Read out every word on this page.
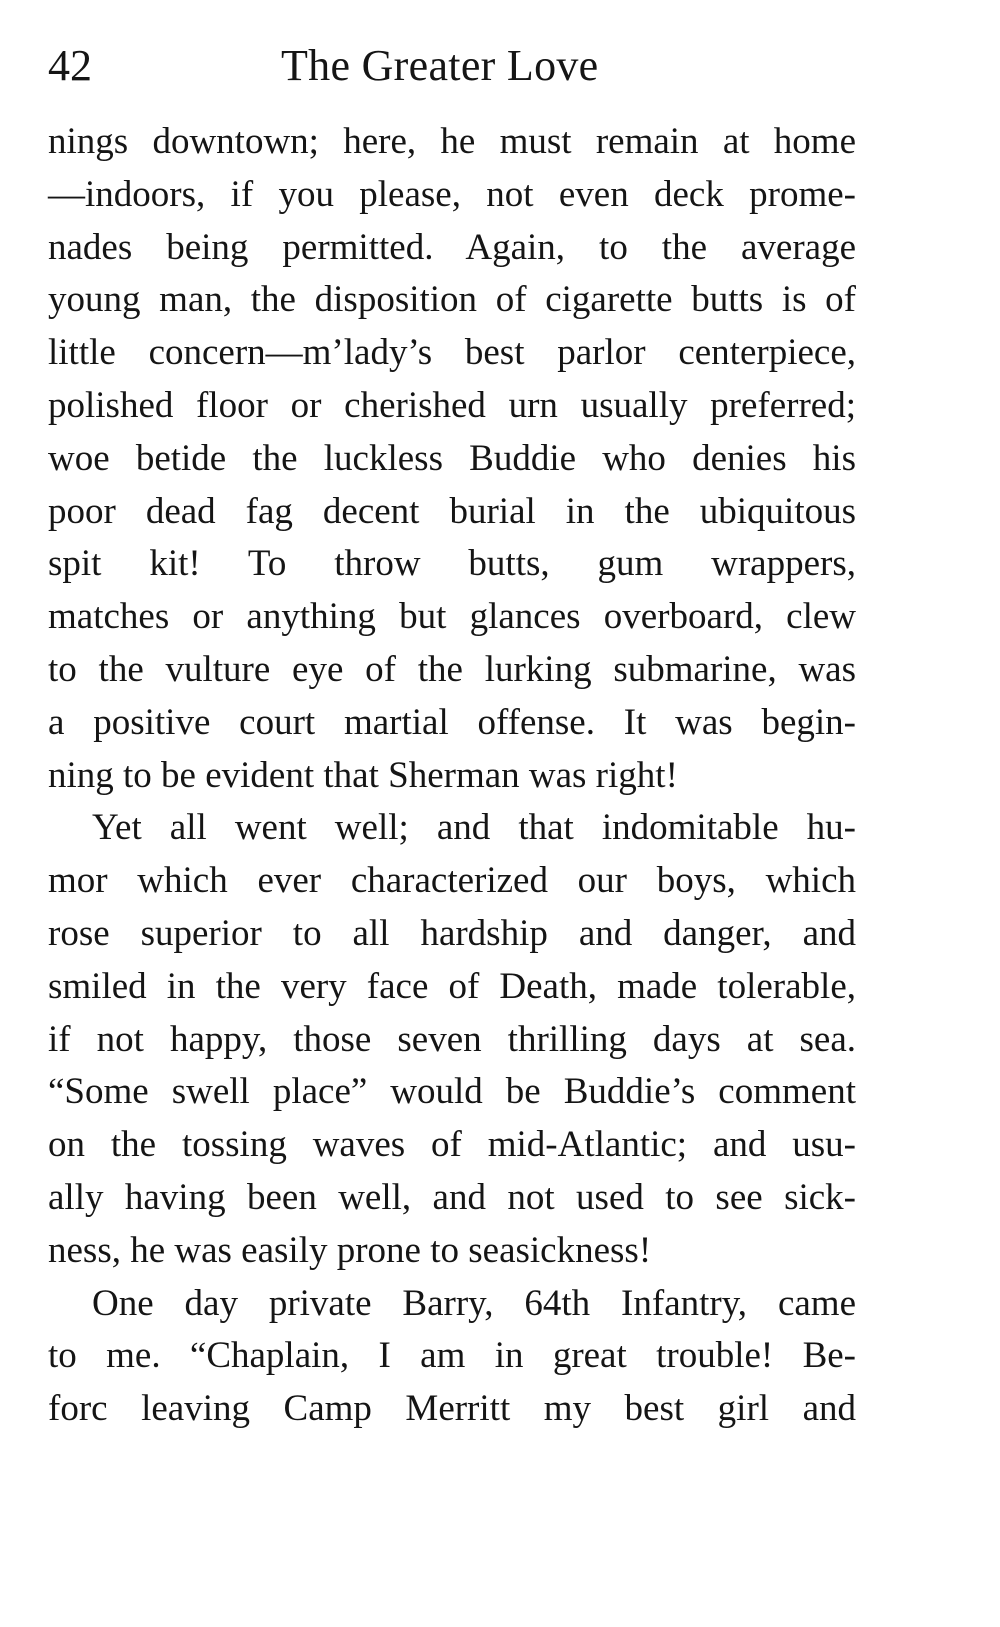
42	The Greater Love
nings downtown; here, he must remain at home
—indoors, if you please, not even deck prome-
nades being permitted. Again, to the average
young man, the disposition of cigarette butts is of
little concern—m’lady’s best parlor centerpiece,
polished floor or cherished urn usually preferred;
woe betide the luckless Buddie who denies his
poor dead fag decent burial in the ubiquitous
spit kit! To throw butts, gum wrappers,
matches or anything but glances overboard, clew
to the vulture eye of the lurking submarine, was
a positive court martial offense. It was begin-
ning to be evident that Sherman was right!
Yet all went well; and that indomitable hu-
mor which ever characterized our boys, which
rose superior to all hardship and danger, and
smiled in the very face of Death, made tolerable,
if not happy, those seven thrilling days at sea.
“Some swell place” would be Buddie’s comment
on the tossing waves of mid-Atlantic; and usu-
ally having been well, and not used to see sick-
ness, he was easily prone to seasickness!
One day private Barry, 64th Infantry, came
to me. “Chaplain, I am in great trouble! Be-
forc leaving Camp Merritt my best girl and
